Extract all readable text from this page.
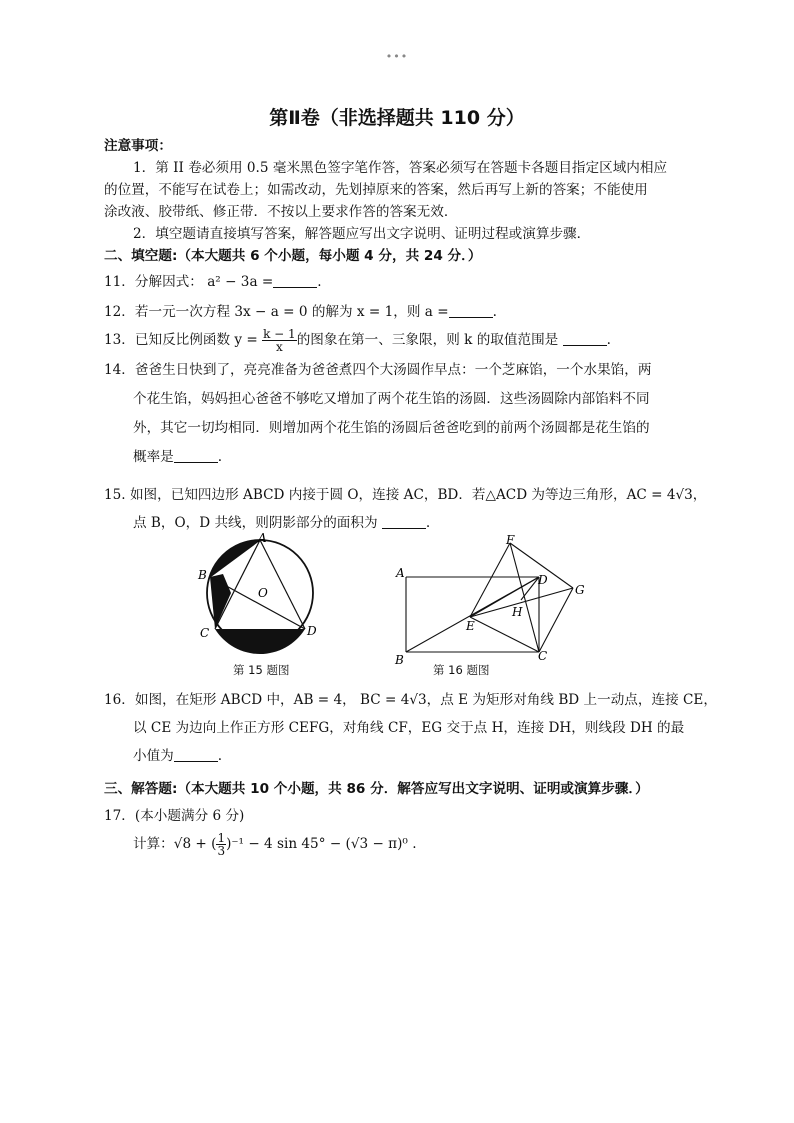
•••
第Ⅱ卷（非选择题共 110 分）
注意事项：
1．第 II 卷必须用 0.5 毫米黑色签字笔作答，答案必须写在答题卡各题目指定区域内相应
的位置，不能写在试卷上；如需改动，先划掉原来的答案，然后再写上新的答案；不能使用
涂改液、胶带纸、修正带．不按以上要求作答的答案无效．
2．填空题请直接填写答案，解答题应写出文字说明、证明过程或演算步骤．
二、填空题:（本大题共 6 个小题，每小题 4 分，共 24 分．）
11．分解因式： a² − 3a =	.
12．若一元一次方程 3x − a = 0 的解为 x = 1，则 a =	.
13．已知反比例函数 $y = \frac{k - 1}{x}$ 的图象在第一、三象限，则 k 的取值范围是	.
14．爸爸生日快到了，亮亮准备为爸爸煮四个大汤圆作早点：一个芝麻馅，一个水果馅，两
个花生馅，妈妈担心爸爸不够吃又增加了两个花生馅的汤圆．这些汤圆除内部馅料不同
外，其它一切均相同．则增加两个花生馅的汤圆后爸爸吃到的前两个汤圆都是花生馅的
概率是	.
15. 如图，已知四边形 ABCD 内接于圆 O，连接 AC，BD．若△ACD 为等边三角形，AC = 4√3，
点 B，O，D 共线，则阴影部分的面积为	.
A
B
C	D
O
第 15 题图
A
B	C
D
E
F
G
H
第 16 题图
16．如图，在矩形 ABCD 中，AB = 4， BC = 4√3，点 E 为矩形对角线 BD 上一动点，连接 CE，
以 CE 为边向上作正方形 CEFG，对角线 CF，EG 交于点 H，连接 DH，则线段 DH 的最
小值为	.
三、解答题:（本大题共 10 个小题，共 86 分．解答应写出文字说明、证明或演算步骤．）
17．(本小题满分 6 分)
计算：√8 + ( $\frac{1}{3} )^{-1} - 4$ sin 45° − (√3 − π)⁰ .
